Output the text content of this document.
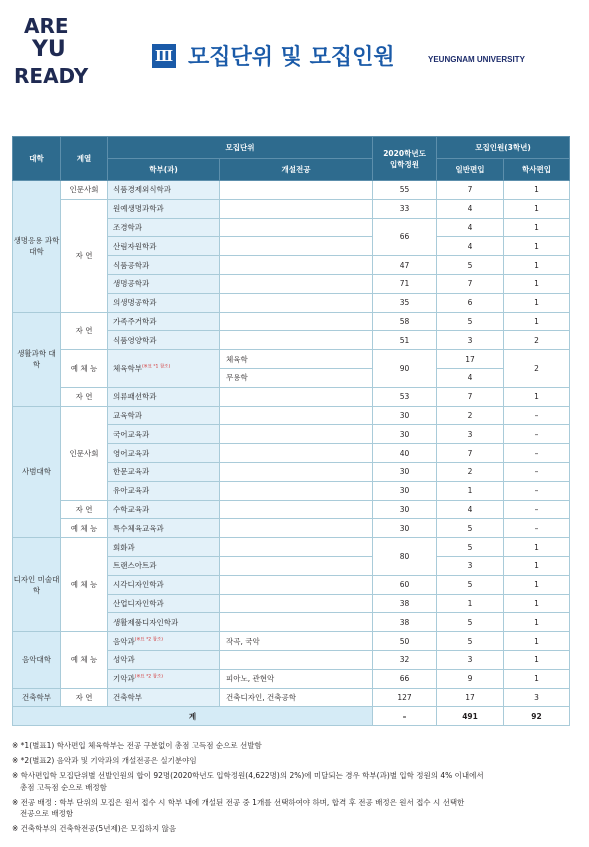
ARE
YU
READY
Ⅲ 모집단위 및 모집인원	YEUNGNAM UNIVERSITY
대학	계열	모집단위		2020학년도 입학정원	모집인원(3학년)	
		학부(과)	개설전공		일반편입	학사편입
생명응용 과학대학	인문사회	식품경제외식학과		55	7	1
	자 연	원예생명과학과		33	4	1
		조경학과		66	4	1
		산림자원학과			4	1
		식품공학과		47	5	1
		생명공학과		71	7	1
		의생명공학과		35	6	1
생활과학 대 학	자 연	가족주거학과		58	5	1
		식품영양학과		51	3	2
	예 체 능	체육학부$^{(※표 *1 참조)}$	체육학	90	17	2
			무용학		4	
	자 연	의류패션학과		53	7	1
사범대학	인문사회	교육학과		30	2	–
		국어교육과		30	3	–
		영어교육과		40	7	–
		한문교육과		30	2	–
		유아교육과		30	1	–
	자 연	수학교육과		30	4	–
	예 체 능	특수체육교육과		30	5	–
디자인 미술대학	예 체 능	회화과		80	5	1
		트랜스아트과			3	1
		시각디자인학과		60	5	1
		산업디자인학과		38	1	1
		생활제품디자인학과		38	5	1
음악대학	예 체 능	음악과$^{(※표 *2 참조)}$	작곡, 국악	50	5	1
		성악과		32	3	1
		기악과$^{(※표 *2 참조)}$	피아노, 관현악	66	9	1
건축학부	자 연	건축학부	건축디자인, 건축공학	127	17	3
계				–	491	92

※ *1(별표1) 학사편입 체육학부는 전공 구분없이 총점 고득점 순으로 선발함

※ *2(별표2) 음악과 및 기악과의 개설전공은 실기분야임

※ 학사편입학 모집단위별 선발인원의 합이 92명(2020학년도 입학정원(4,622명)의 2%)에 미달되는 경우 학부(과)별 입학 정원의 4% 이내에서

총점 고득점 순으로 배정함

※ 전공 배정 : 학부 단위의 모집은 원서 접수 시 학부 내에 개설된 전공 중 1개를 선택하여야 하며, 합격 후 전공 배정은 원서 접수 시 선택한

전공으로 배정함

※ 건축학부의 건축학전공(5년제)은 모집하지 않음
